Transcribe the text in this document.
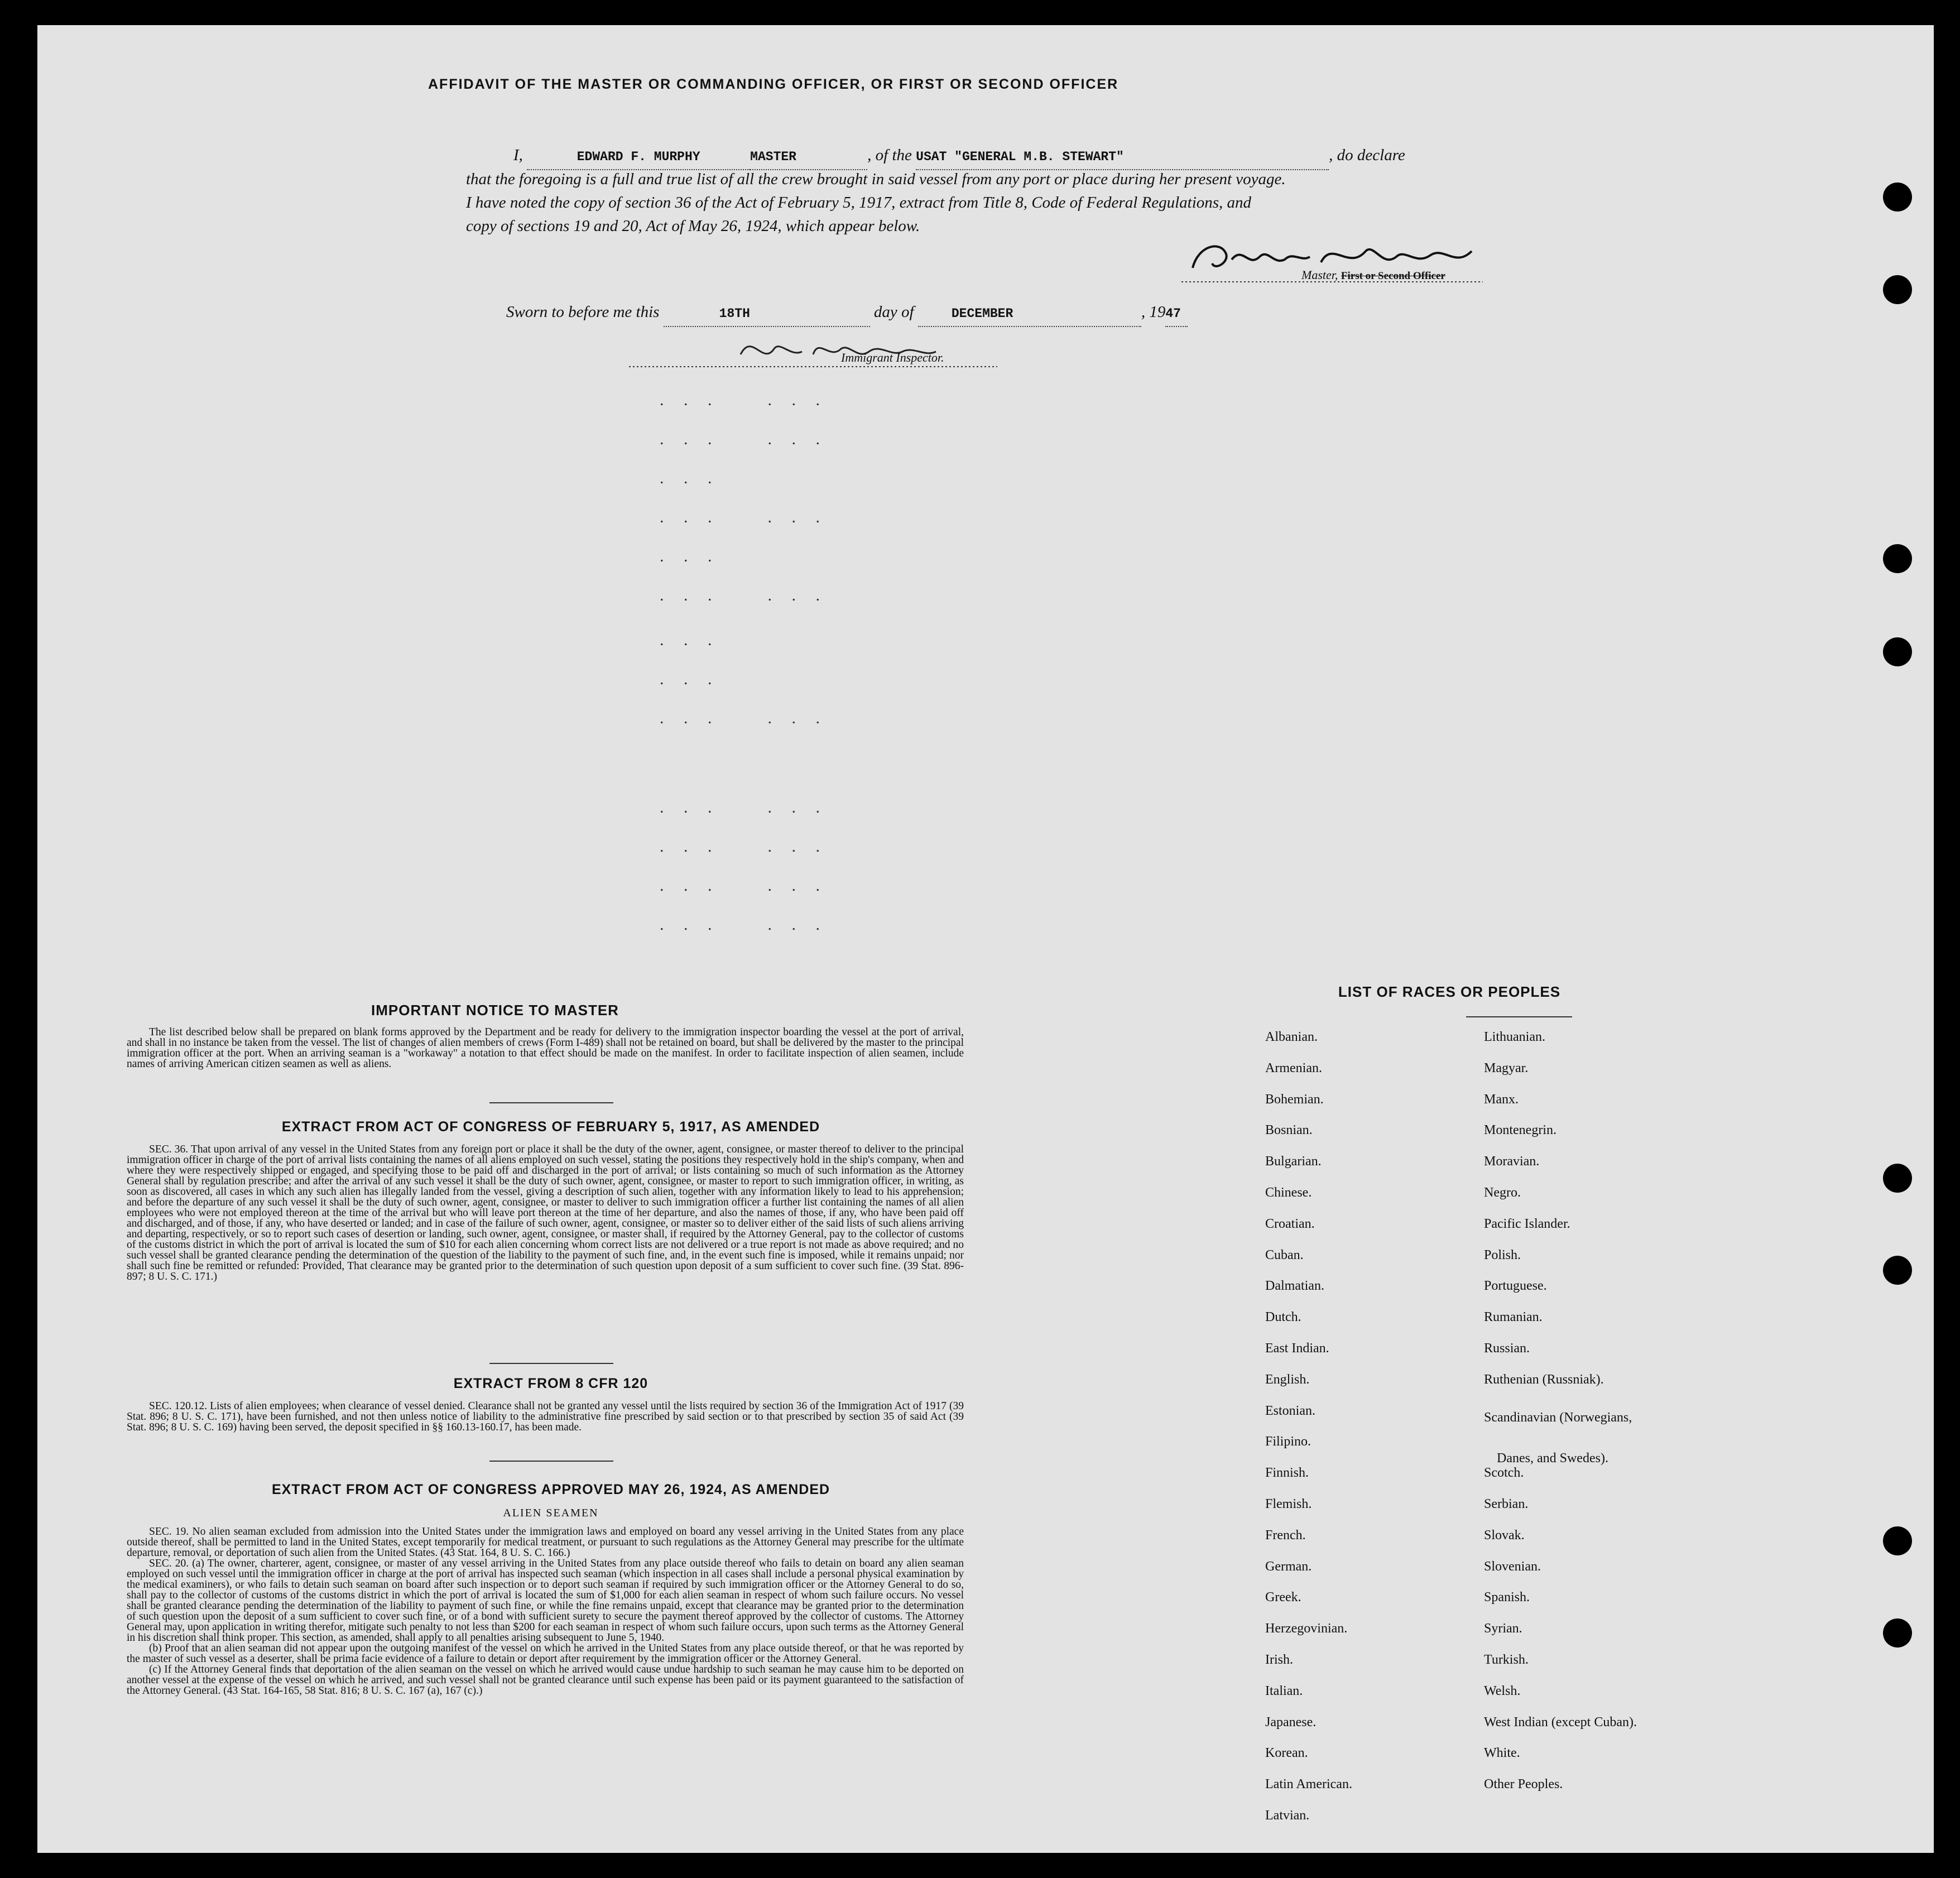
AFFIDAVIT OF THE MASTER OR COMMANDING OFFICER, OR FIRST OR SECOND OFFICER
I,	EDWARD F. MURPHY	MASTER	, of the USAT "GENERAL M.B. STEWART"	, do declare
that the foregoing is a full and true list of all the crew brought in said vessel from any port or place during her present voyage.
I have noted the copy of section 36 of the Act of February 5, 1917, extract from Title 8, Code of Federal Regulations, and
copy of sections 19 and 20, Act of May 26, 1924, which appear below.
Master, First or Second Officer
Sworn to before me this	18TH	day of	DECEMBER	, 1947
Immigrant Inspector.
. . .    . . .
. . .    . . .
. . .
. . .    . . .
. . .
. . .    . . .
. . .
. . .
. . .    . . .
. . .    . . .
. . .    . . .
. . .    . . .
. . .    . . .
IMPORTANT NOTICE TO MASTER

The list described below shall be prepared on blank forms approved by the Department and be ready for delivery to the immigration inspector boarding the vessel at the port of arrival, and shall in no instance be taken from the vessel. The list of changes of alien members of crews (Form I-489) shall not be retained on board, but shall be delivered by the master to the principal immigration officer at the port. When an arriving seaman is a "workaway" a notation to that effect should be made on the manifest. In order to facilitate inspection of alien seamen, include names of arriving American citizen seamen as well as aliens.

EXTRACT FROM ACT OF CONGRESS OF FEBRUARY 5, 1917, AS AMENDED

SEC. 36. That upon arrival of any vessel in the United States from any foreign port or place it shall be the duty of the owner, agent, consignee, or master thereof to deliver to the principal immigration officer in charge of the port of arrival lists containing the names of all aliens employed on such vessel, stating the positions they respectively hold in the ship's company, when and where they were respectively shipped or engaged, and specifying those to be paid off and discharged in the port of arrival; or lists containing so much of such information as the Attorney General shall by regulation prescribe; and after the arrival of any such vessel it shall be the duty of such owner, agent, consignee, or master to report to such immigration officer, in writing, as soon as discovered, all cases in which any such alien has illegally landed from the vessel, giving a description of such alien, together with any information likely to lead to his apprehension; and before the departure of any such vessel it shall be the duty of such owner, agent, consignee, or master to deliver to such immigration officer a further list containing the names of all alien employees who were not employed thereon at the time of the arrival but who will leave port thereon at the time of her departure, and also the names of those, if any, who have been paid off and discharged, and of those, if any, who have deserted or landed; and in case of the failure of such owner, agent, consignee, or master so to deliver either of the said lists of such aliens arriving and departing, respectively, or so to report such cases of desertion or landing, such owner, agent, consignee, or master shall, if required by the Attorney General, pay to the collector of customs of the customs district in which the port of arrival is located the sum of $10 for each alien concerning whom correct lists are not delivered or a true report is not made as above required; and no such vessel shall be granted clearance pending the determination of the question of the liability to the payment of such fine, and, in the event such fine is imposed, while it remains unpaid; nor shall such fine be remitted or refunded: Provided, That clearance may be granted prior to the determination of such question upon deposit of a sum sufficient to cover such fine. (39 Stat. 896-897; 8 U. S. C. 171.)

EXTRACT FROM 8 CFR 120

SEC. 120.12. Lists of alien employees; when clearance of vessel denied. Clearance shall not be granted any vessel until the lists required by section 36 of the Immigration Act of 1917 (39 Stat. 896; 8 U. S. C. 171), have been furnished, and not then unless notice of liability to the administrative fine prescribed by said section or to that prescribed by section 35 of said Act (39 Stat. 896; 8 U. S. C. 169) having been served, the deposit specified in §§ 160.13-160.17, has been made.

EXTRACT FROM ACT OF CONGRESS APPROVED MAY 26, 1924, AS AMENDED
ALIEN SEAMEN

SEC. 19. No alien seaman excluded from admission into the United States under the immigration laws and employed on board any vessel arriving in the United States from any place outside thereof, shall be permitted to land in the United States, except temporarily for medical treatment, or pursuant to such regulations as the Attorney General may prescribe for the ultimate departure, removal, or deportation of such alien from the United States. (43 Stat. 164, 8 U. S. C. 166.)

SEC. 20. (a) The owner, charterer, agent, consignee, or master of any vessel arriving in the United States from any place outside thereof who fails to detain on board any alien seaman employed on such vessel until the immigration officer in charge at the port of arrival has inspected such seaman (which inspection in all cases shall include a personal physical examination by the medical examiners), or who fails to detain such seaman on board after such inspection or to deport such seaman if required by such immigration officer or the Attorney General to do so, shall pay to the collector of customs of the customs district in which the port of arrival is located the sum of $1,000 for each alien seaman in respect of whom such failure occurs. No vessel shall be granted clearance pending the determination of the liability to payment of such fine, or while the fine remains unpaid, except that clearance may be granted prior to the determination of such question upon the deposit of a sum sufficient to cover such fine, or of a bond with sufficient surety to secure the payment thereof approved by the collector of customs. The Attorney General may, upon application in writing therefor, mitigate such penalty to not less than $200 for each seaman in respect of whom such failure occurs, upon such terms as the Attorney General in his discretion shall think proper. This section, as amended, shall apply to all penalties arising subsequent to June 5, 1940.

(b) Proof that an alien seaman did not appear upon the outgoing manifest of the vessel on which he arrived in the United States from any place outside thereof, or that he was reported by the master of such vessel as a deserter, shall be prima facie evidence of a failure to detain or deport after requirement by the immigration officer or the Attorney General.

(c) If the Attorney General finds that deportation of the alien seaman on the vessel on which he arrived would cause undue hardship to such seaman he may cause him to be deported on another vessel at the expense of the vessel on which he arrived, and such vessel shall not be granted clearance until such expense has been paid or its payment guaranteed to the satisfaction of the Attorney General. (43 Stat. 164-165, 58 Stat. 816; 8 U. S. C. 167 (a), 167 (c).)

LIST OF RACES OR PEOPLES
Albanian.
Armenian.
Bohemian.
Bosnian.
Bulgarian.
Chinese.
Croatian.
Cuban.
Dalmatian.
Dutch.
East Indian.
English.
Estonian.
Filipino.
Finnish.
Flemish.
French.
German.
Greek.
Herzegovinian.
Irish.
Italian.
Japanese.
Korean.
Latin American.
Latvian.
Lithuanian.
Magyar.
Manx.
Montenegrin.
Moravian.
Negro.
Pacific Islander.
Polish.
Portuguese.
Rumanian.
Russian.
Ruthenian (Russniak).
Scandinavian (Norwegians,
Danes, and Swedes).
Scotch.
Serbian.
Slovak.
Slovenian.
Spanish.
Syrian.
Turkish.
Welsh.
West Indian (except Cuban).
White.
Other Peoples.
